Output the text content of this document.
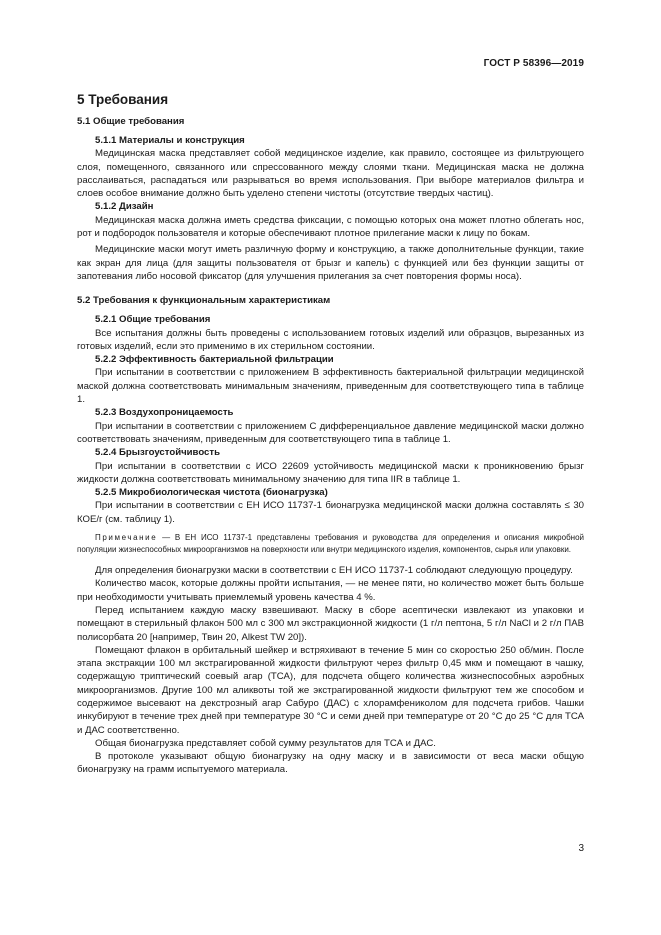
ГОСТ Р 58396—2019
5 Требования
5.1 Общие требования
5.1.1 Материалы и конструкция
Медицинская маска представляет собой медицинское изделие, как правило, состоящее из фильтрующего слоя, помещенного, связанного или спрессованного между слоями ткани. Медицинская маска не должна расслаиваться, распадаться или разрываться во время использования. При выборе материалов фильтра и слоев особое внимание должно быть уделено степени чистоты (отсутствие твердых частиц).
5.1.2 Дизайн
Медицинская маска должна иметь средства фиксации, с помощью которых она может плотно облегать нос, рот и подбородок пользователя и которые обеспечивают плотное прилегание маски к лицу по бокам.
Медицинские маски могут иметь различную форму и конструкцию, а также дополнительные функции, такие как экран для лица (для защиты пользователя от брызг и капель) с функцией или без функции защиты от запотевания либо носовой фиксатор (для улучшения прилегания за счет повторения формы носа).
5.2 Требования к функциональным характеристикам
5.2.1 Общие требования
Все испытания должны быть проведены с использованием готовых изделий или образцов, вырезанных из готовых изделий, если это применимо в их стерильном состоянии.
5.2.2 Эффективность бактериальной фильтрации
При испытании в соответствии с приложением В эффективность бактериальной фильтрации медицинской маской должна соответствовать минимальным значениям, приведенным для соответствующего типа в таблице 1.
5.2.3 Воздухопроницаемость
При испытании в соответствии с приложением С дифференциальное давление медицинской маски должно соответствовать значениям, приведенным для соответствующего типа в таблице 1.
5.2.4 Брызгоустойчивость
При испытании в соответствии с ИСО 22609 устойчивость медицинской маски к проникновению брызг жидкости должна соответствовать минимальному значению для типа IIR в таблице 1.
5.2.5 Микробиологическая чистота (бионагрузка)
При испытании в соответствии с ЕН ИСО 11737-1 бионагрузка медицинской маски должна составлять ≤ 30 КОЕ/г (см. таблицу 1).
Примечание — В ЕН ИСО 11737-1 представлены требования и руководства для определения и описания микробной популяции жизнеспособных микроорганизмов на поверхности или внутри медицинского изделия, компонентов, сырья или упаковки.
Для определения бионагрузки маски в соответствии с ЕН ИСО 11737-1 соблюдают следующую процедуру.
Количество масок, которые должны пройти испытания, — не менее пяти, но количество может быть больше при необходимости учитывать приемлемый уровень качества 4 %.
Перед испытанием каждую маску взвешивают. Маску в сборе асептически извлекают из упаковки и помещают в стерильный флакон 500 мл с 300 мл экстракционной жидкости (1 г/л пептона, 5 г/л NaCl и 2 г/л ПАВ полисорбата 20 [например, Твин 20, Alkest TW 20]).
Помещают флакон в орбитальный шейкер и встряхивают в течение 5 мин со скоростью 250 об/мин. После этапа экстракции 100 мл экстрагированной жидкости фильтруют через фильтр 0,45 мкм и помещают в чашку, содержащую триптический соевый агар (ТСА), для подсчета общего количества жизнеспособных аэробных микроорганизмов. Другие 100 мл аликвоты той же экстрагированной жидкости фильтруют тем же способом и содержимое высевают на декстрозный агар Сабуро (ДАС) с хлорамфениколом для подсчета грибов. Чашки инкубируют в течение трех дней при температуре 30 °С и семи дней при температуре от 20 °С до 25 °С для ТСА и ДАС соответственно.
Общая бионагрузка представляет собой сумму результатов для ТСА и ДАС.
В протоколе указывают общую бионагрузку на одну маску и в зависимости от веса маски общую бионагрузку на грамм испытуемого материала.
3
